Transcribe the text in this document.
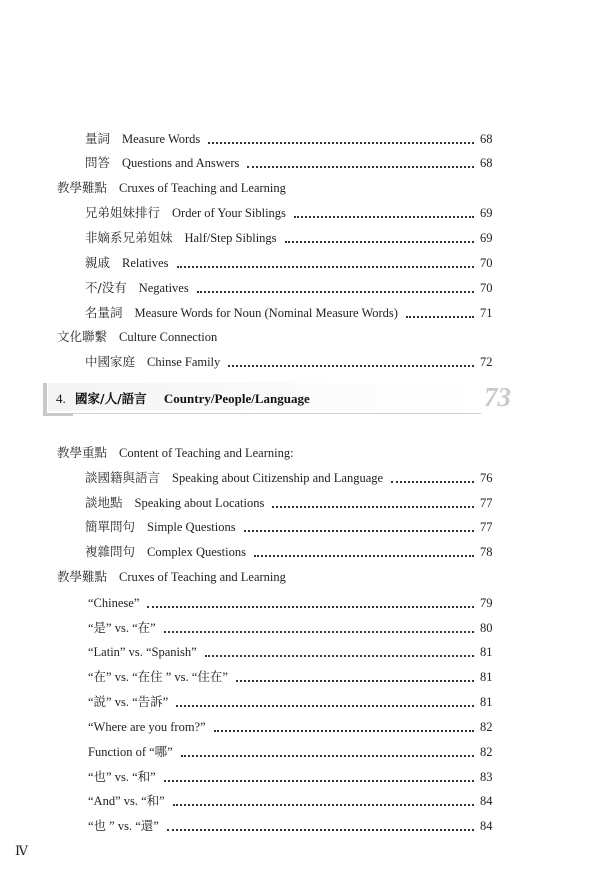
量詞 Measure Words	68
問答 Questions and Answers	68
教學難點 Cruxes of Teaching and Learning
兄弟姐妹排行 Order of Your Siblings	69
非嫡系兄弟姐妹 Half/Step Siblings	69
親戚 Relatives	70
不/没有 Negatives	70
名量詞 Measure Words for Noun (Nominal Measure Words)	71
文化聯繫 Culture Connection
中國家庭 Chinse Family	72
4. 國家/人/語言 Country/People/Language	73
教學重點 Content of Teaching and Learning:
談國籍與語言 Speaking about Citizenship and Language	76
談地點 Speaking about Locations	77
簡單問句 Simple Questions	77
複雜問句 Complex Questions	78
教學難點 Cruxes of Teaching and Learning
“Chinese”	79
“是” vs. “在”	80
“Latin” vs. “Spanish”	81
“在” vs. “在住 ” vs. “住在”	81
“説” vs. “告訴”	81
“Where are you from?”	82
Function of “哪”	82
“也” vs. “和”	83
“And” vs. “和”	84
“也 ” vs. “還”	84
Ⅳ
